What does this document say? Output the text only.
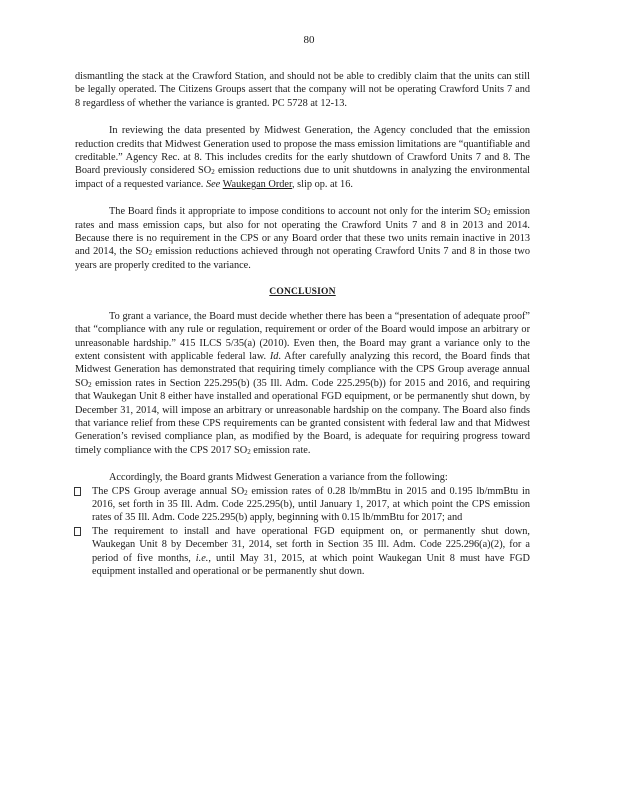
80

dismantling the stack at the Crawford Station, and should not be able to credibly claim that the units can still be legally operated. The Citizens Groups assert that the company will not be operating Crawford Units 7 and 8 regardless of whether the variance is granted. PC 5728 at 12-13.

In reviewing the data presented by Midwest Generation, the Agency concluded that the emission reduction credits that Midwest Generation used to propose the mass emission limitations are “quantifiable and creditable.” Agency Rec. at 8. This includes credits for the early shutdown of Crawford Units 7 and 8. The Board previously considered $SO_2$ emission reductions due to unit shutdowns in analyzing the environmental impact of a requested variance. See Waukegan Order, slip op. at 16.

The Board finds it appropriate to impose conditions to account not only for the interim $SO_2$ emission rates and mass emission caps, but also for not operating the Crawford Units 7 and 8 in 2013 and 2014. Because there is no requirement in the CPS or any Board order that these two units remain inactive in 2013 and 2014, the $SO_2$ emission reductions achieved through not operating Crawford Units 7 and 8 in those two years are properly credited to the variance.

CONCLUSION

To grant a variance, the Board must decide whether there has been a “presentation of adequate proof” that “compliance with any rule or regulation, requirement or order of the Board would impose an arbitrary or unreasonable hardship.” 415 ILCS 5/35(a) (2010). Even then, the Board may grant a variance only to the extent consistent with applicable federal law. Id. After carefully analyzing this record, the Board finds that Midwest Generation has demonstrated that requiring timely compliance with the CPS Group average annual $SO_2$ emission rates in Section 225.295(b) (35 Ill. Adm. Code 225.295(b)) for 2015 and 2016, and requiring that Waukegan Unit 8 either have installed and operational FGD equipment, or be permanently shut down, by December 31, 2014, will impose an arbitrary or unreasonable hardship on the company. The Board also finds that variance relief from these CPS requirements can be granted consistent with federal law and that Midwest Generation’s revised compliance plan, as modified by the Board, is adequate for requiring progress toward timely compliance with the CPS 2017 $SO_2$ emission rate.

Accordingly, the Board grants Midwest Generation a variance from the following:

The CPS Group average annual $SO_2$ emission rates of 0.28 lb/mmBtu in 2015 and 0.195 lb/mmBtu in 2016, set forth in 35 Ill. Adm. Code 225.295(b), until January 1, 2017, at which point the CPS emission rates of 35 Ill. Adm. Code 225.295(b) apply, beginning with 0.15 lb/mmBtu for 2017; and

The requirement to install and have operational FGD equipment on, or permanently shut down, Waukegan Unit 8 by December 31, 2014, set forth in Section 35 Ill. Adm. Code 225.296(a)(2), for a period of five months, i.e., until May 31, 2015, at which point Waukegan Unit 8 must have FGD equipment installed and operational or be permanently shut down.
